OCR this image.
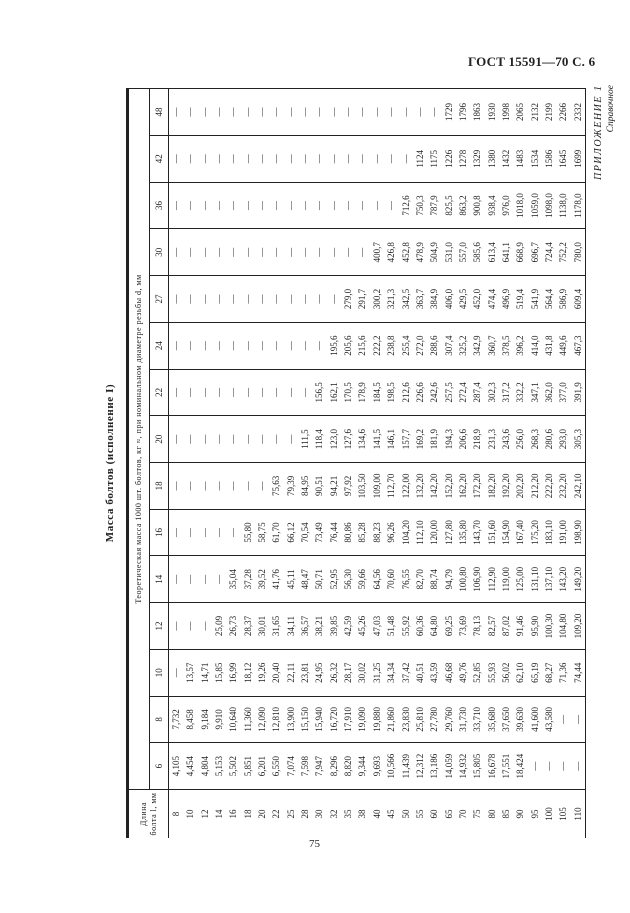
ГОСТ 15591—70 С. 6
ПРИЛОЖЕНИЕ 1 Справочное
Масса болтов (исполнение I)
Длина болта l, мм	Теоретическая масса 1000 шт. болтов, кг ≈, при номинальном диаметре резьбы d, мм														
	6	8	10	12	14	16	18	20	22	24	27	30	36	42	48
8	4,105	7,732	—	—	—	—	—	—	—	—	—	—	—	—	—
10	4,454	8,458	13,57	—	—	—	—	—	—	—	—	—	—	—	—
12	4,804	9,184	14,71	—	—	—	—	—	—	—	—	—	—	—	—
14	5,153	9,910	15,85	25,09	—	—	—	—	—	—	—	—	—	—	—
16	5,502	10,640	16,99	26,73	35,04	—	—	—	—	—	—	—	—	—	—
18	5,851	11,360	18,12	28,37	37,28	55,80	—	—	—	—	—	—	—	—	—
20	6,201	12,090	19,26	30,01	39,52	58,75	—	—	—	—	—	—	—	—	—
22	6,550	12,810	20,40	31,65	41,76	61,70	75,63	—	—	—	—	—	—	—	—
25	7,074	13,900	22,11	34,11	45,11	66,12	79,39	—	—	—	—	—	—	—	—
28	7,598	15,150	23,81	36,57	48,47	70,54	84,95	111,5	—	—	—	—	—	—	—
30	7,947	15,940	24,95	38,21	50,71	73,49	90,51	118,4	156,5	—	—	—	—	—	—
32	8,296	16,720	26,32	39,85	52,95	76,44	94,21	123,0	162,1	195,6	—	—	—	—	—
35	8,820	17,910	28,17	42,59	56,30	80,86	97,92	127,6	170,5	205,6	279,0	—	—	—	—
38	9,344	19,090	30,02	45,26	59,66	85,28	103,50	134,6	178,9	215,6	291,7	—	—	—	—
40	9,693	19,880	31,25	47,03	64,56	88,23	109,00	141,5	184,5	222,2	300,2	400,7	—	—	—
45	10,566	21,860	34,34	51,48	70,60	96,26	112,70	146,1	198,5	238,8	321,3	426,8	—	—	—
50	11,439	23,830	37,42	55,92	76,55	104,20	122,00	157,7	212,6	255,4	342,5	452,8	712,6	—	—
55	12,312	25,810	40,51	60,36	82,70	112,10	132,20	169,2	226,6	272,0	363,7	478,9	750,3	1124	—
60	13,186	27,780	43,59	64,80	88,74	120,00	142,20	181,9	242,6	288,6	384,9	504,9	787,9	1175	—
65	14,059	29,760	46,68	69,25	94,79	127,80	152,20	194,3	257,5	307,4	406,0	531,0	825,5	1226	1729
70	14,932	31,730	49,76	73,69	100,80	135,80	162,20	206,6	272,4	325,2	429,5	557,0	863,2	1278	1796
75	15,805	33,710	52,85	78,13	106,90	143,70	172,20	218,9	287,4	342,9	452,0	585,6	900,8	1329	1863
80	16,678	35,680	55,93	82,57	112,90	151,60	182,20	231,3	302,3	360,7	474,4	613,4	938,4	1380	1930
85	17,551	37,650	56,02	87,02	119,00	154,90	192,20	243,6	317,2	378,5	496,9	641,1	976,0	1432	1998
90	18,424	39,630	62,10	91,46	125,00	167,40	202,20	256,0	332,2	396,2	519,4	668,9	1018,0	1483	2065
95	—	41,600	65,19	95,90	131,10	175,20	212,20	268,3	347,1	414,0	541,9	696,7	1059,0	1534	2132
100	—	43,580	68,27	100,30	137,10	183,10	222,20	280,6	362,0	431,8	564,4	724,4	1098,0	1586	2199
105	—	—	71,36	104,80	143,20	191,00	232,20	293,0	377,0	449,6	586,9	752,2	1138,0	1645	2266
110	—	—	74,44	109,20	149,20	198,90	242,10	305,3	391,9	467,3	609,4	780,0	1178,0	1699	2332
75
